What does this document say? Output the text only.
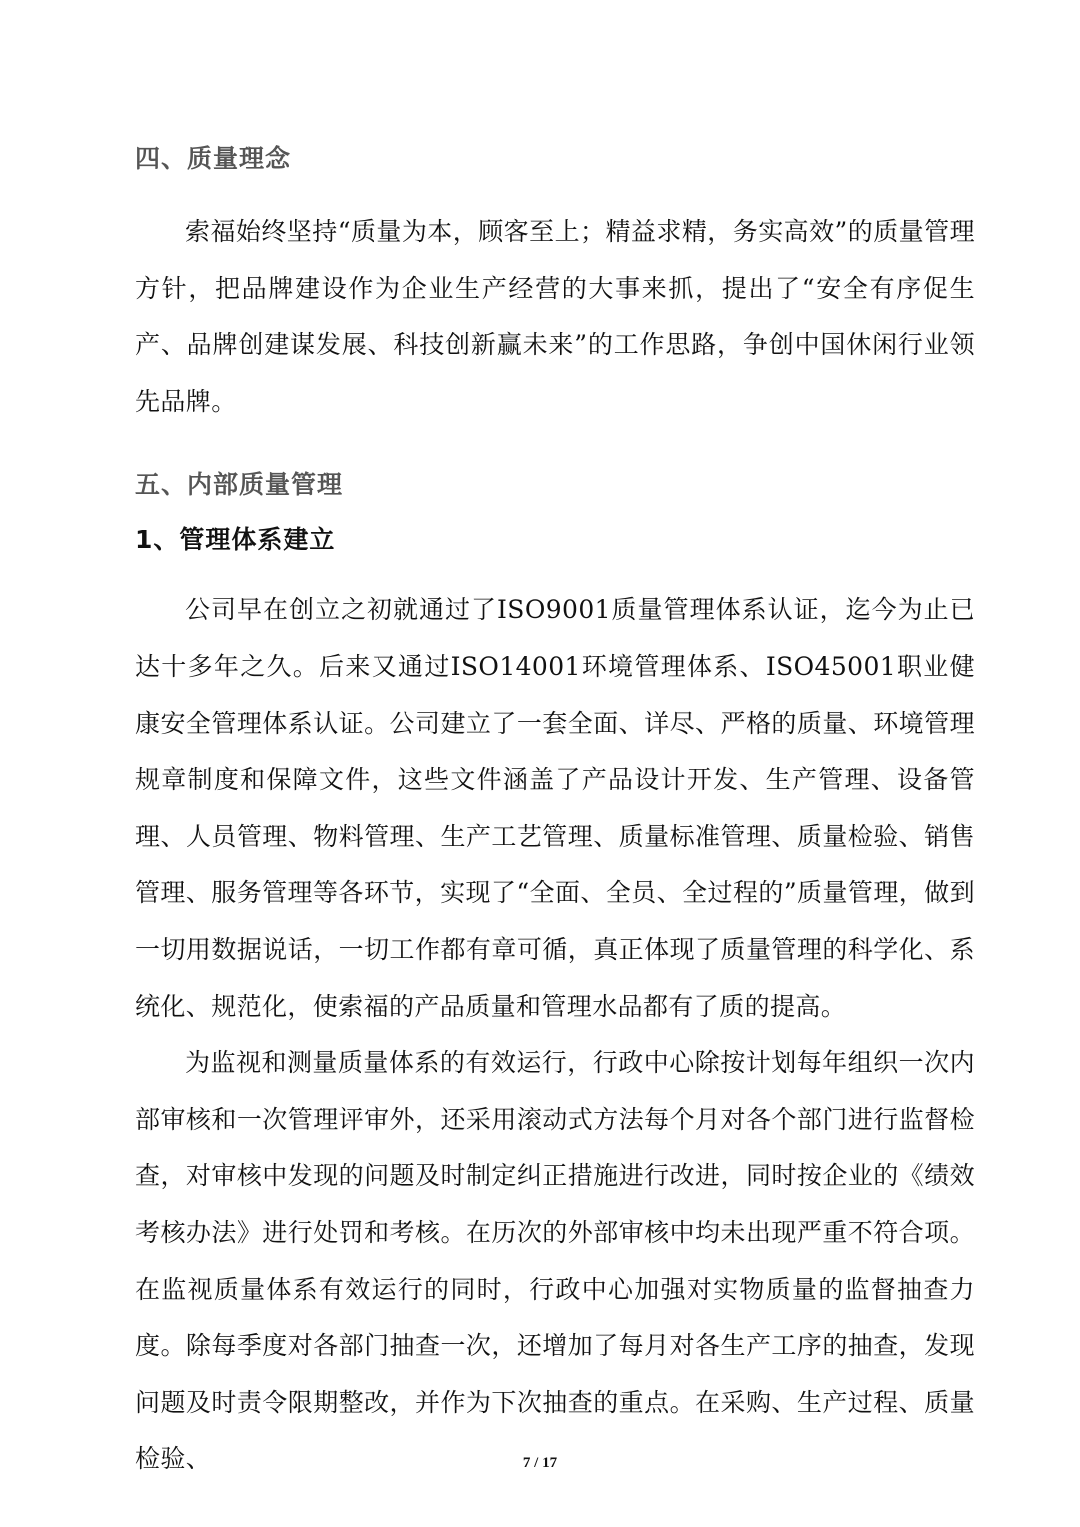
四、质量理念

索福始终坚持“质量为本，顾客至上；精益求精，务实高效”的质量管理方针，把品牌建设作为企业生产经营的大事来抓，提出了“安全有序促生产、品牌创建谋发展、科技创新赢未来”的工作思路，争创中国休闲行业领先品牌。

五、内部质量管理
1、管理体系建立

公司早在创立之初就通过了ISO9001质量管理体系认证，迄今为止已达十多年之久。后来又通过ISO14001环境管理体系、ISO45001职业健康安全管理体系认证。公司建立了一套全面、详尽、严格的质量、环境管理规章制度和保障文件，这些文件涵盖了产品设计开发、生产管理、设备管理、人员管理、物料管理、生产工艺管理、质量标准管理、质量检验、销售管理、服务管理等各环节，实现了“全面、全员、全过程的”质量管理，做到一切用数据说话，一切工作都有章可循，真正体现了质量管理的科学化、系统化、规范化，使索福的产品质量和管理水品都有了质的提高。

为监视和测量质量体系的有效运行，行政中心除按计划每年组织一次内部审核和一次管理评审外，还采用滚动式方法每个月对各个部门进行监督检查，对审核中发现的问题及时制定纠正措施进行改进，同时按企业的《绩效考核办法》进行处罚和考核。在历次的外部审核中均未出现严重不符合项。在监视质量体系有效运行的同时，行政中心加强对实物质量的监督抽查力度。除每季度对各部门抽查一次，还增加了每月对各生产工序的抽查，发现问题及时责令限期整改，并作为下次抽查的重点。在采购、生产过程、质量检验、	7 / 17
